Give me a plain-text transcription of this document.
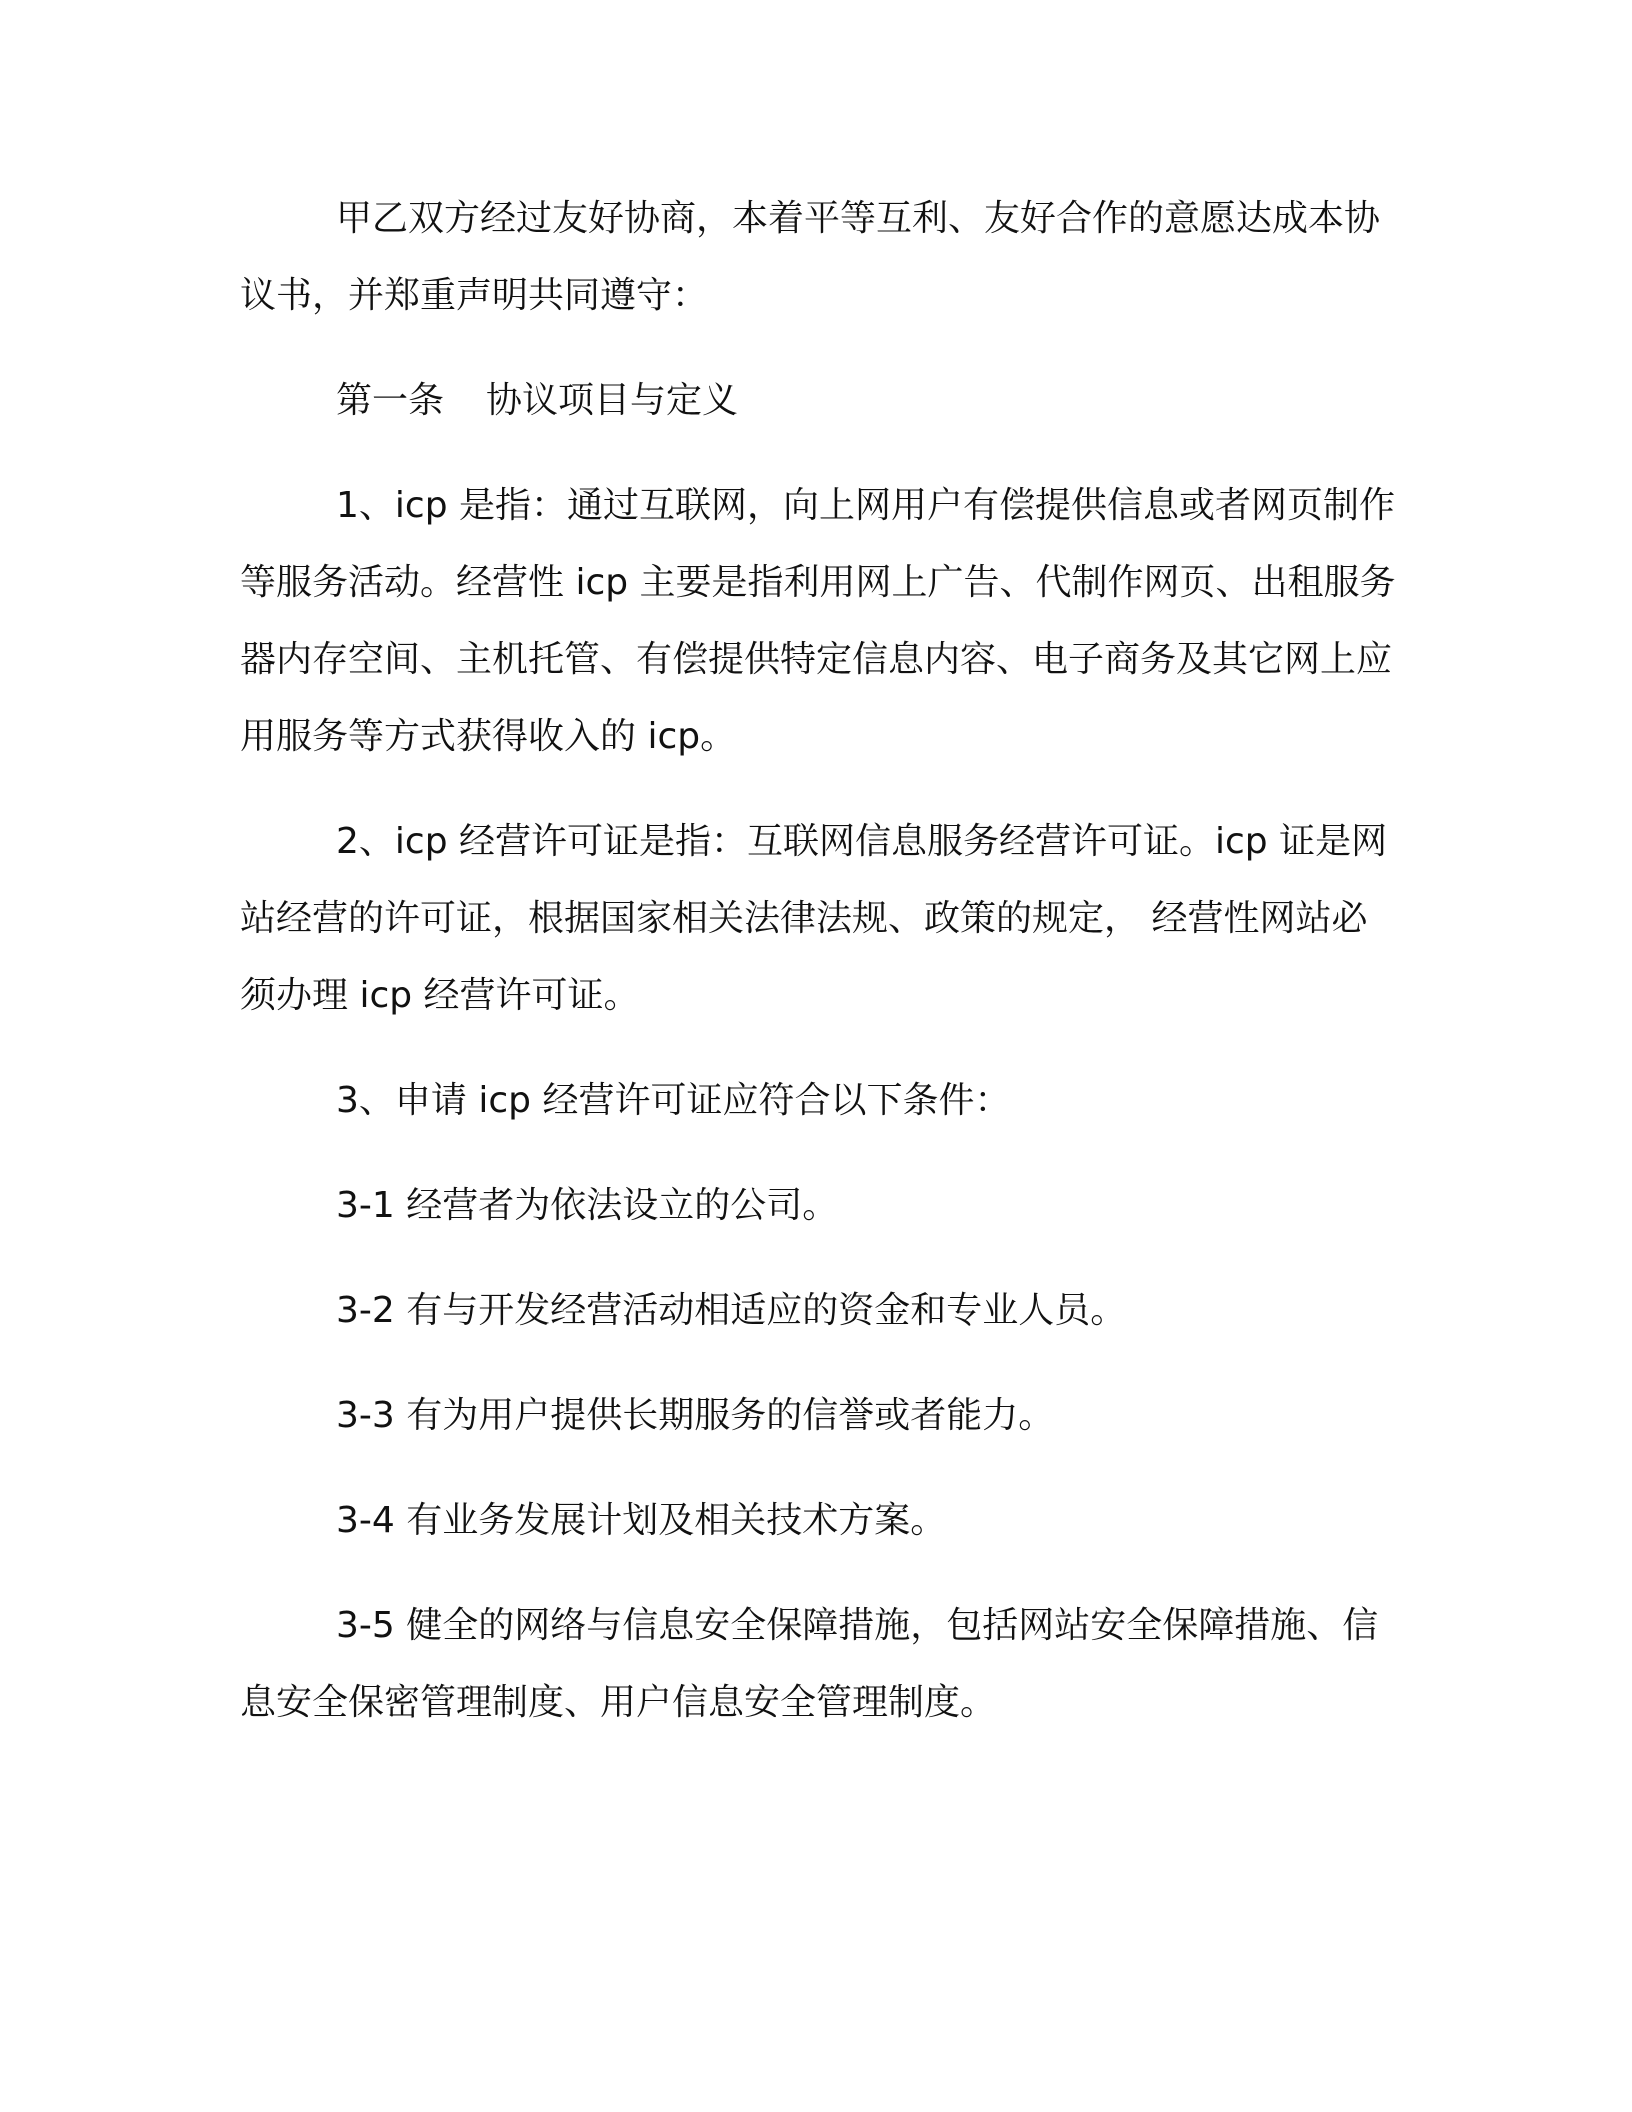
甲乙双方经过友好协商，本着平等互利、友好合作的意愿达成本协议书，并郑重声明共同遵守：

第一条 协议项目与定义

1、icp 是指：通过互联网，向上网用户有偿提供信息或者网页制作等服务活动。经营性 icp 主要是指利用网上广告、代制作网页、出租服务器内存空间、主机托管、有偿提供特定信息内容、电子商务及其它网上应用服务等方式获得收入的 icp。

2、icp 经营许可证是指：互联网信息服务经营许可证。icp 证是网站经营的许可证，根据国家相关法律法规、政策的规定， 经营性网站必须办理 icp 经营许可证。

3、申请 icp 经营许可证应符合以下条件：

3-1 经营者为依法设立的公司。

3-2 有与开发经营活动相适应的资金和专业人员。

3-3 有为用户提供长期服务的信誉或者能力。

3-4 有业务发展计划及相关技术方案。

3-5 健全的网络与信息安全保障措施，包括网站安全保障措施、信息安全保密管理制度、用户信息安全管理制度。
